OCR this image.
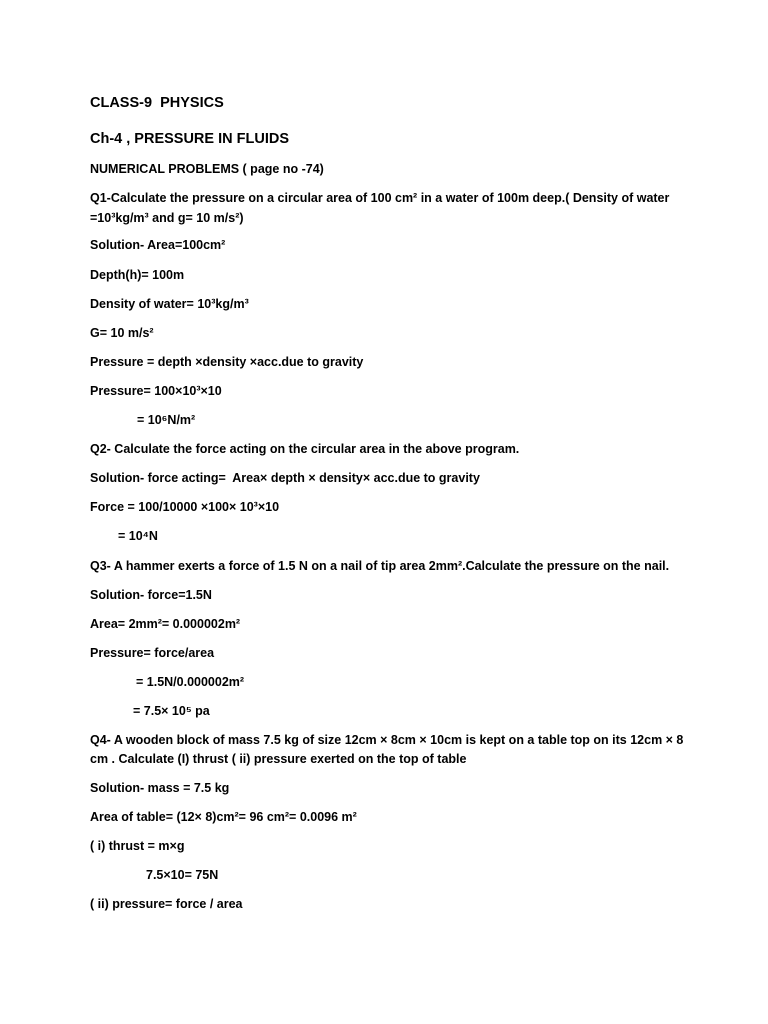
CLASS-9  PHYSICS
Ch-4 , PRESSURE IN FLUIDS
NUMERICAL PROBLEMS ( page no -74)
Q1-Calculate the pressure on a circular area of 100 cm² in a water of 100m deep.( Density of water
=10³kg/m³ and g= 10 m/s²)
Solution- Area=100cm²
Depth(h)= 100m
Density of water= 10³kg/m³
G= 10 m/s²
Pressure = depth ×density ×acc.due to gravity
Pressure= 100×10³×10
= 10⁶N/m²
Q2- Calculate the force acting on the circular area in the above program.
Solution- force acting=  Area× depth × density× acc.due to gravity
Force = 100/10000 ×100× 10³×10
= 10⁴N
Q3- A hammer exerts a force of 1.5 N on a nail of tip area 2mm².Calculate the pressure on the nail.
Solution- force=1.5N
Area= 2mm²= 0.000002m²
Pressure= force/area
= 1.5N/0.000002m²
= 7.5× 10⁵ pa
Q4- A wooden block of mass 7.5 kg of size 12cm × 8cm × 10cm is kept on a table top on its 12cm × 8
cm . Calculate (I) thrust ( ii) pressure exerted on the top of table
Solution- mass = 7.5 kg
Area of table= (12× 8)cm²= 96 cm²= 0.0096 m²
( i) thrust = m×g
7.5×10= 75N
( ii) pressure= force / area
